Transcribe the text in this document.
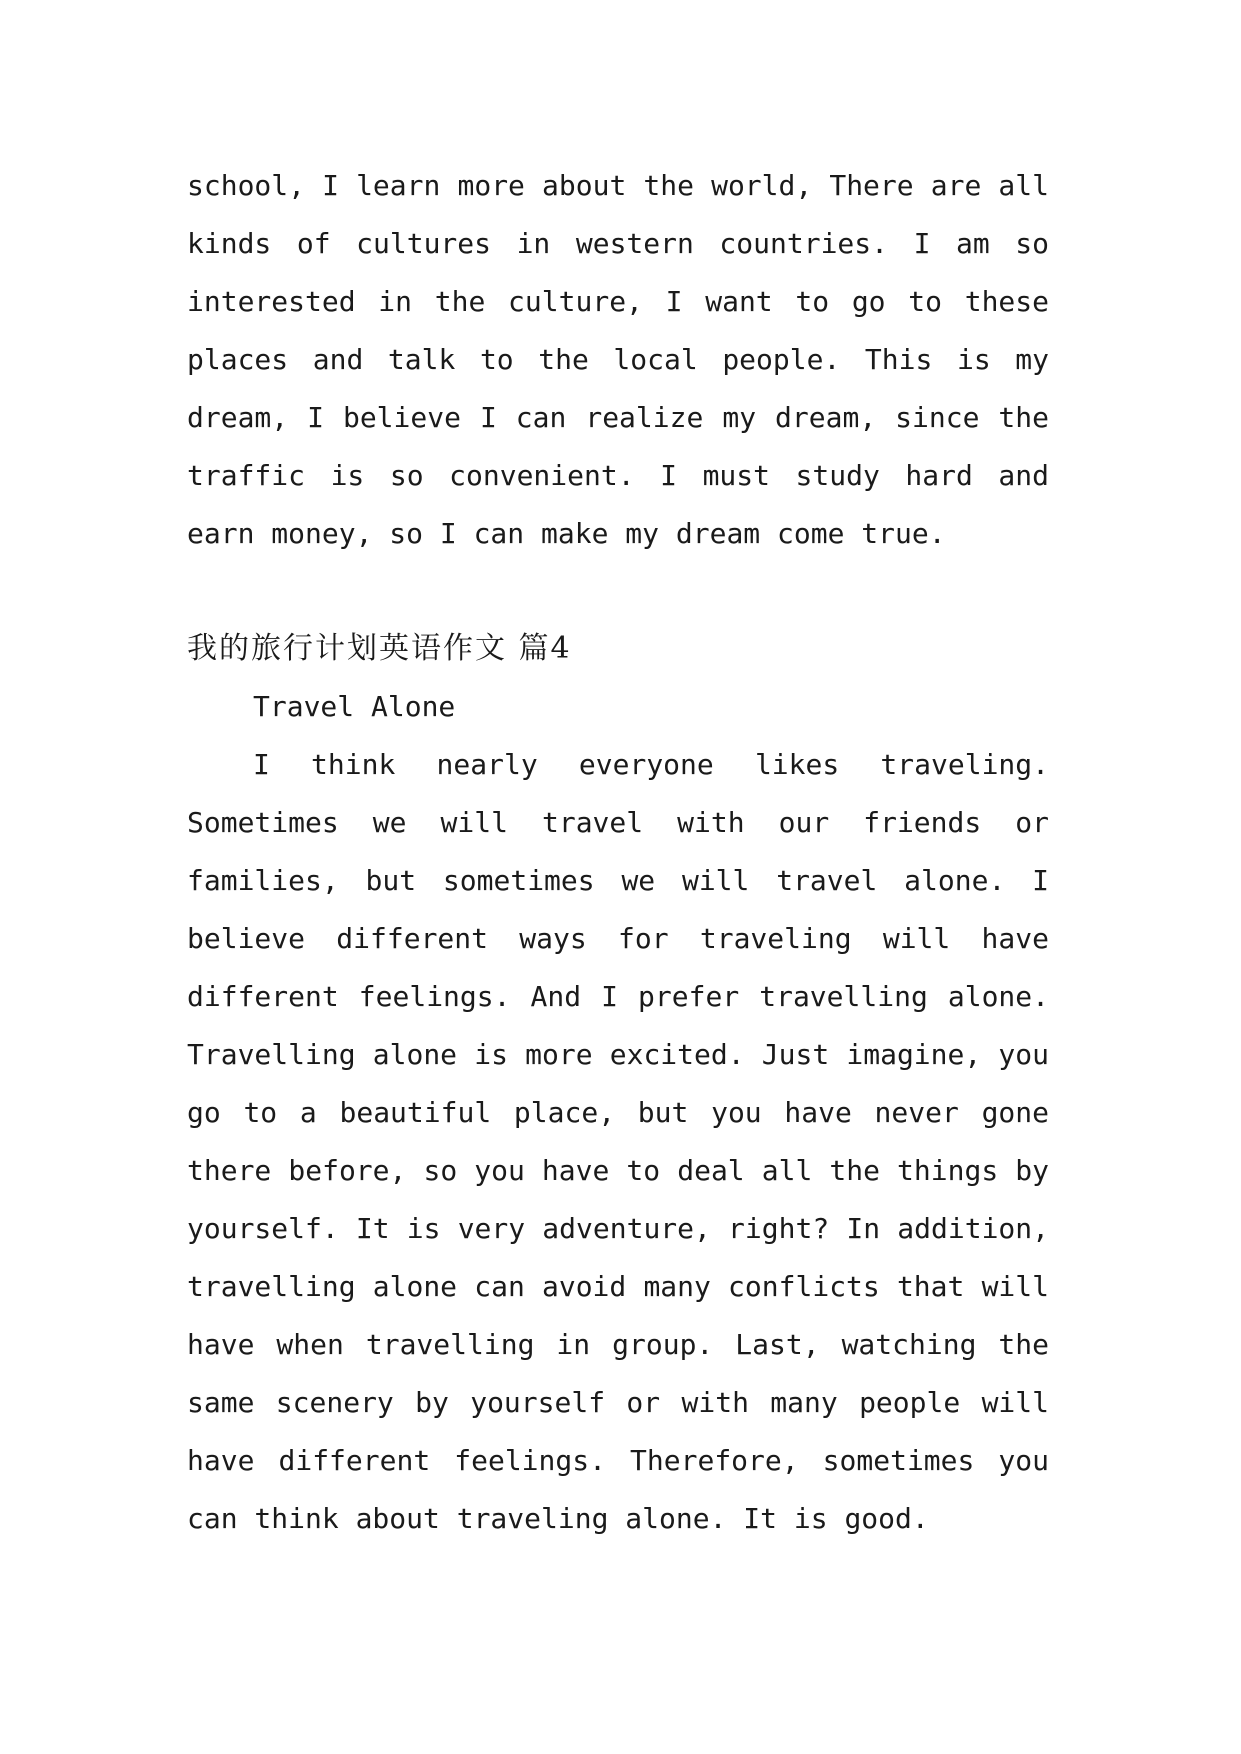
school, I learn more about the world, There are all
kinds of cultures in western countries. I am so
interested in the culture, I want to go to these
places and talk to the local people. This is my
dream, I believe I can realize my dream, since the
traffic is so convenient. I must study hard and
earn money, so I can make my dream come true.
我的旅行计划英语作文 篇4
Travel Alone
I think nearly everyone likes traveling.
Sometimes we will travel with our friends or
families, but sometimes we will travel alone. I
believe different ways for traveling will have
different feelings. And I prefer travelling alone.
Travelling alone is more excited. Just imagine, you
go to a beautiful place, but you have never gone
there before, so you have to deal all the things by
yourself. It is very adventure, right? In addition,
travelling alone can avoid many conflicts that will
have when travelling in group. Last, watching the
same scenery by yourself or with many people will
have different feelings. Therefore, sometimes you
can think about traveling alone. It is good.
